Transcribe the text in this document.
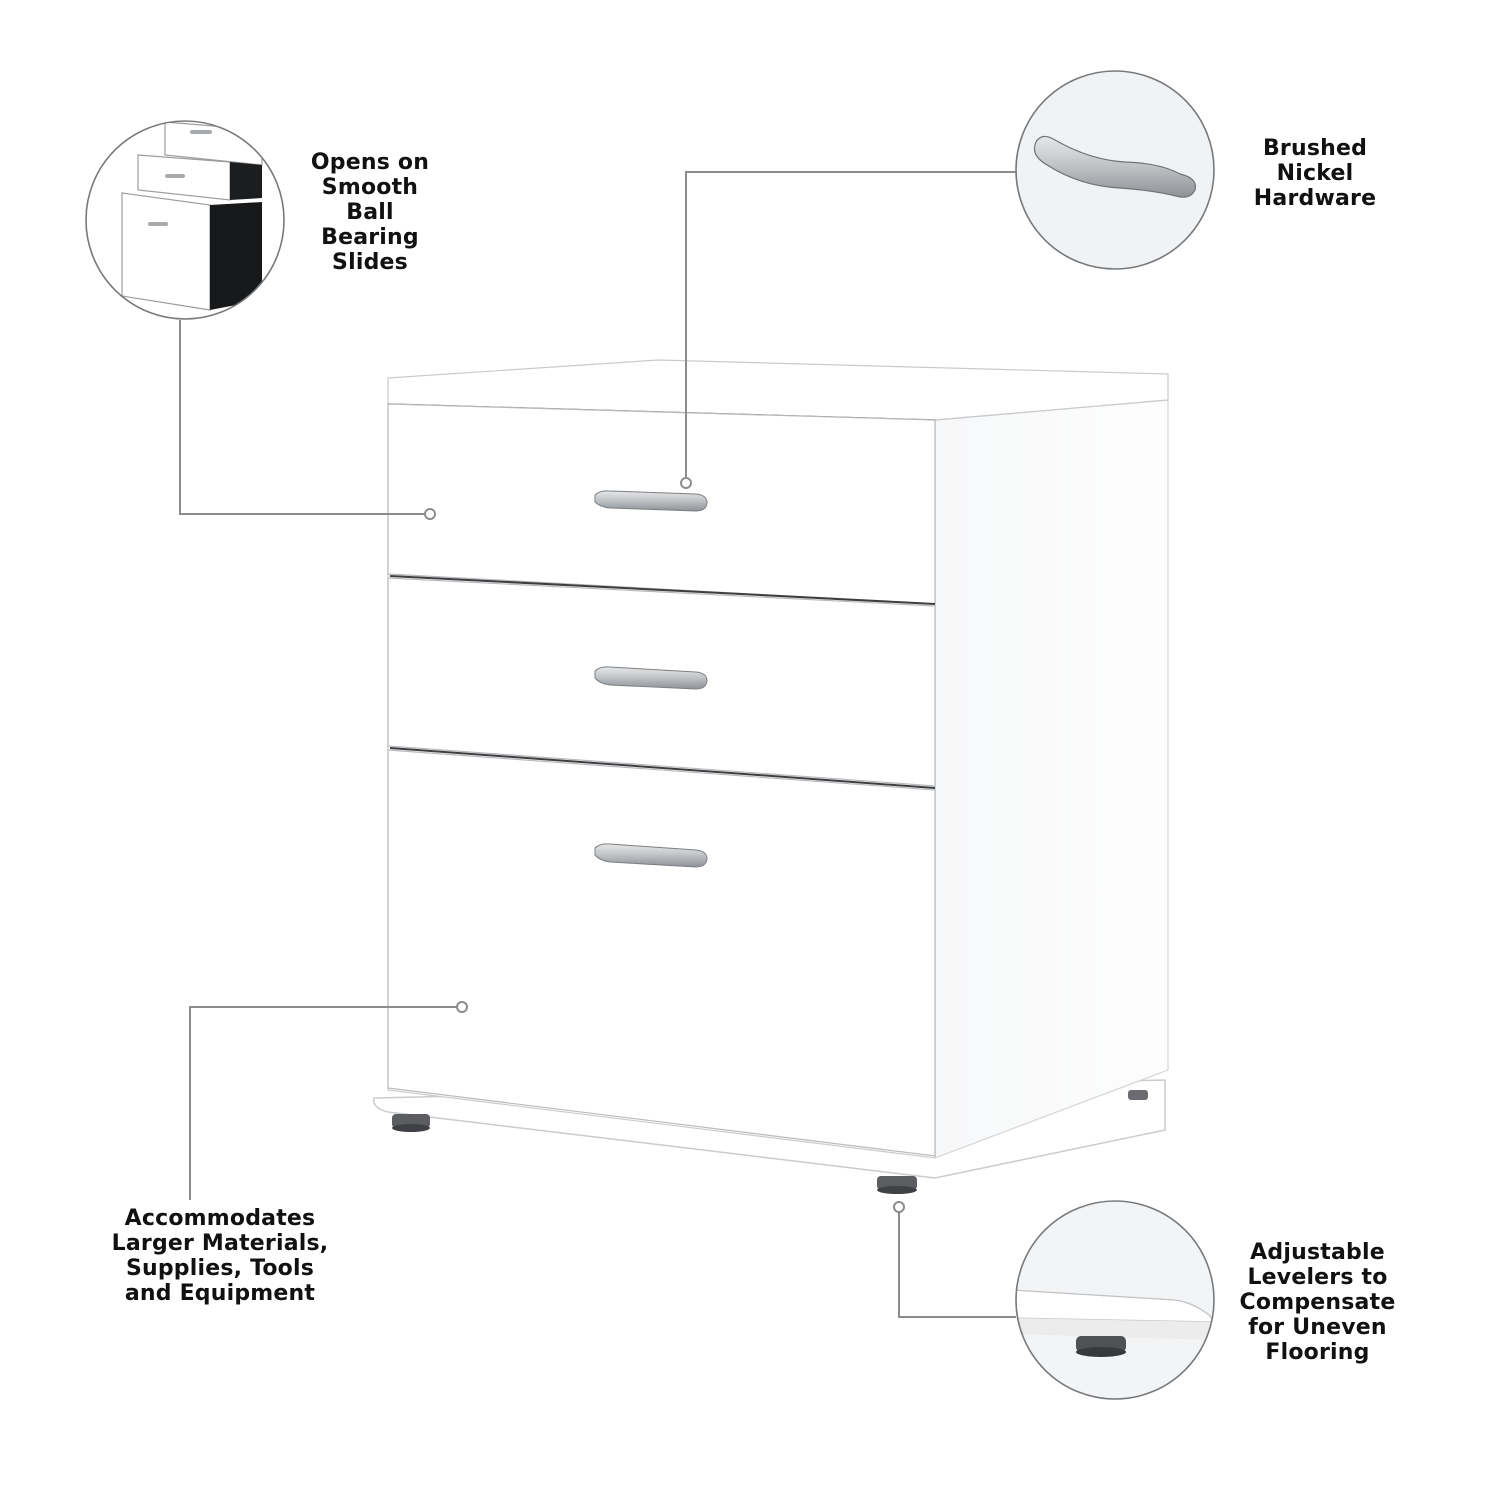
Opens on
Smooth
Ball
Bearing
Slides
Brushed
Nickel
Hardware
Accommodates
Larger Materials,
Supplies, Tools
and Equipment
Adjustable
Levelers to
Compensate
for Uneven
Flooring
